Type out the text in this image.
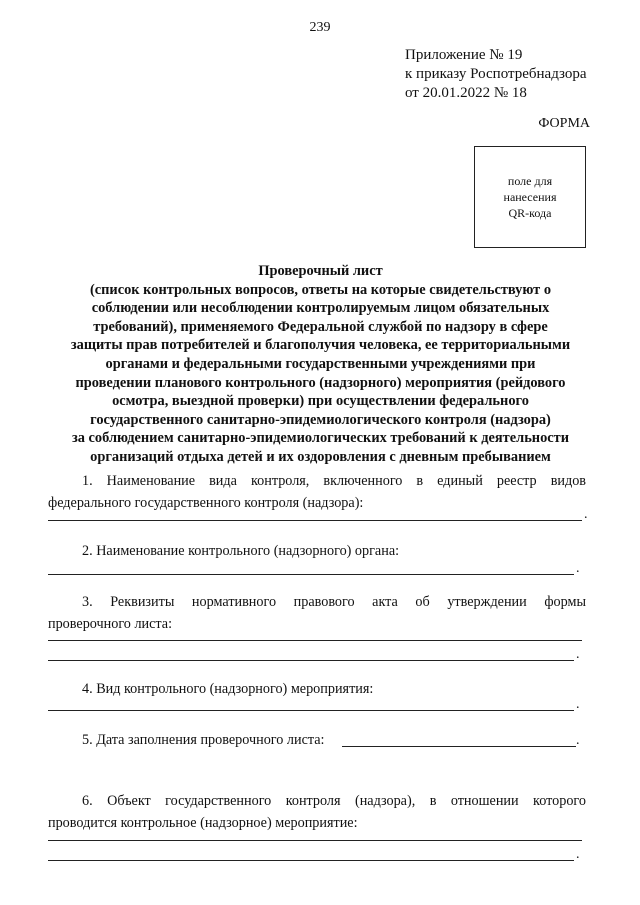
239
Приложение № 19
к приказу Роспотребнадзора
от 20.01.2022 № 18
ФОРМА
поле для
нанесения
QR-кода
Проверочный лист
(список контрольных вопросов, ответы на которые свидетельствуют о
соблюдении или несоблюдении контролируемым лицом обязательных
требований), применяемого Федеральной службой по надзору в сфере
защиты прав потребителей и благополучия человека, ее территориальными
органами и федеральными государственными учреждениями при
проведении планового контрольного (надзорного) мероприятия (рейдового
осмотра, выездной проверки) при осуществлении федерального
государственного санитарно-эпидемиологического контроля (надзора)
за соблюдением санитарно-эпидемиологических требований к деятельности
организаций отдыха детей и их оздоровления с дневным пребыванием
1. Наименование вида контроля, включенного в единый реестр видов
федерального государственного контроля (надзора):
.
2. Наименование контрольного (надзорного) органа:
.
3. Реквизиты нормативного правового акта об утверждении формы
проверочного листа:
.
4. Вид контрольного (надзорного) мероприятия:
.
5. Дата заполнения проверочного листа:	.
6. Объект государственного контроля (надзора), в отношении которого
проводится контрольное (надзорное) мероприятие:
.
